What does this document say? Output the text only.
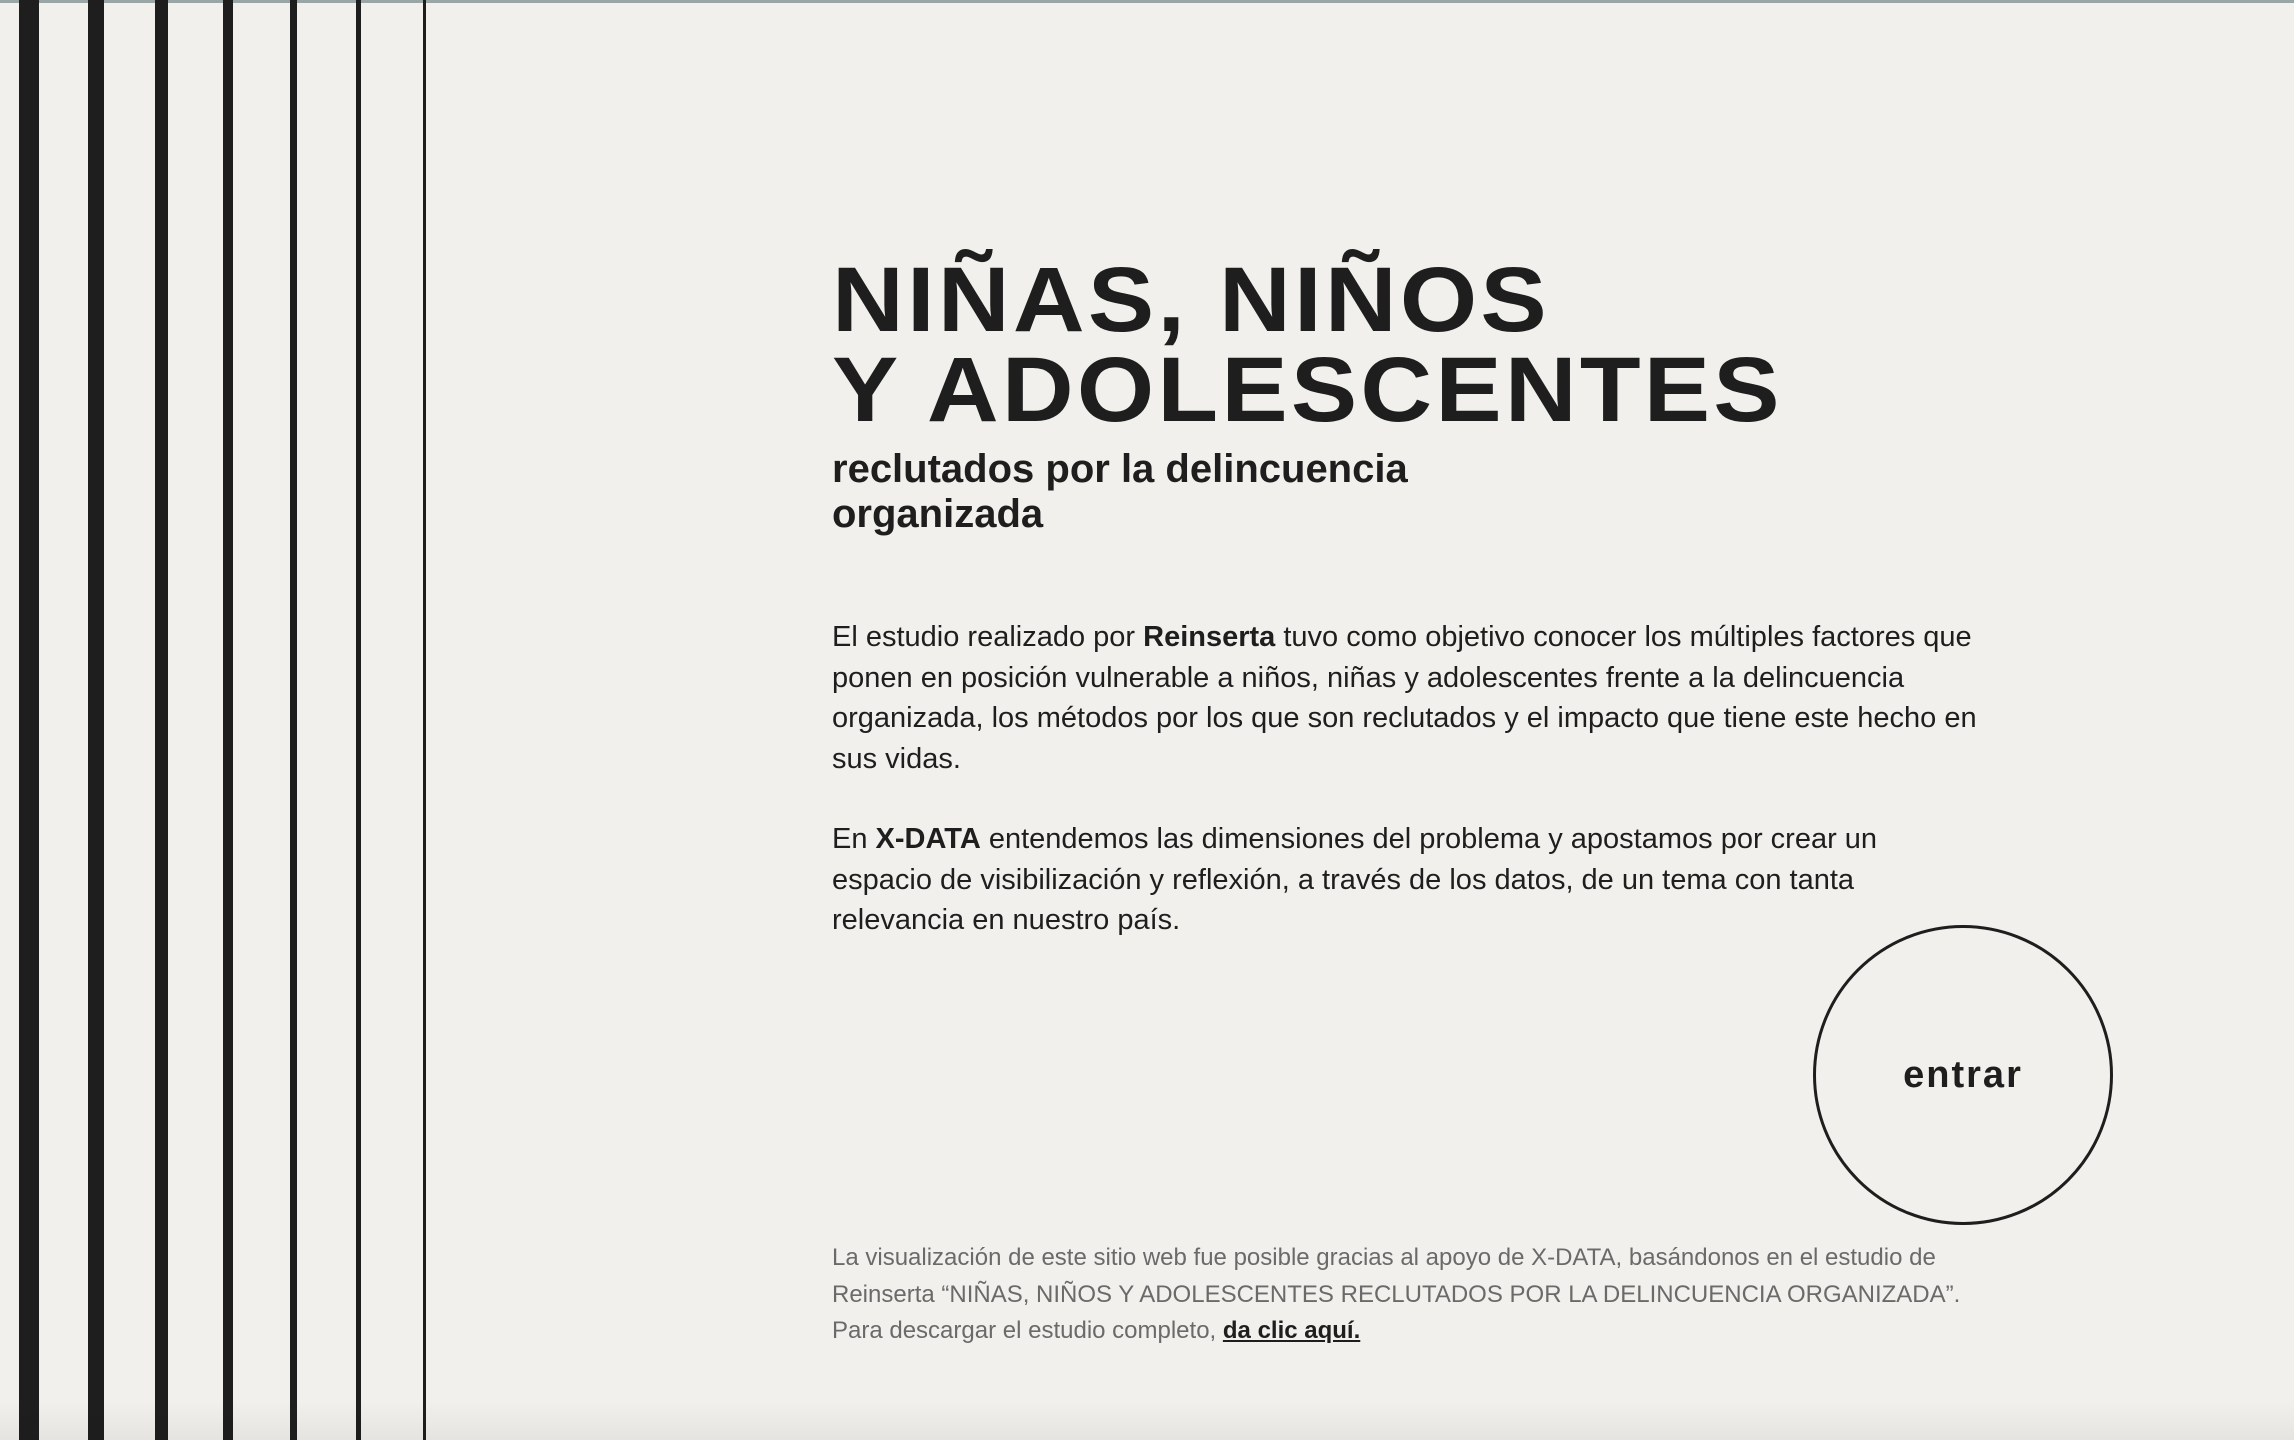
NIÑAS, NIÑOS
Y ADOLESCENTES
reclutados por la delincuencia
organizada

El estudio realizado por Reinserta tuvo como objetivo conocer los múltiples factores que ponen en posición vulnerable a niños, niñas y adolescentes frente a la delincuencia organizada, los métodos por los que son reclutados y el impacto que tiene este hecho en sus vidas.

En X-DATA entendemos las dimensiones del problema y apostamos por crear un espacio de visibilización y reflexión, a través de los datos, de un tema con tanta relevancia en nuestro país.

entrar

La visualización de este sitio web fue posible gracias al apoyo de X-DATA, basándonos en el estudio de Reinserta “NIÑAS, NIÑOS Y ADOLESCENTES RECLUTADOS POR LA DELINCUENCIA ORGANIZADA”.

Para descargar el estudio completo, da clic aquí.
